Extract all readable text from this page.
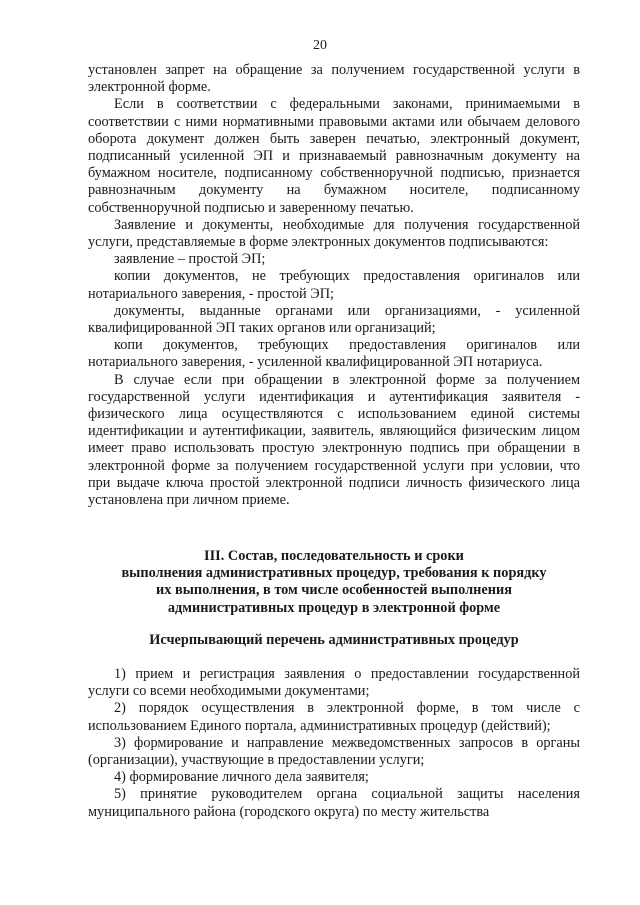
20

установлен запрет на обращение за получением государственной услуги в электронной форме.

Если в соответствии с федеральными законами, принимаемыми в соответствии с ними нормативными правовыми актами или обычаем делового оборота документ должен быть заверен печатью, электронный документ, подписанный усиленной ЭП и признаваемый равнозначным документу на бумажном носителе, подписанному собственноручной подписью, признается равнозначным документу на бумажном носителе, подписанному собственноручной подписью и заверенному печатью.

Заявление и документы, необходимые для получения государственной услуги, представляемые в форме электронных документов подписываются:

заявление – простой ЭП;

копии документов, не требующих предоставления оригиналов или нотариального заверения, - простой ЭП;

документы, выданные органами или организациями, - усиленной квалифицированной ЭП таких органов или организаций;

копи документов, требующих предоставления оригиналов или нотариального заверения, - усиленной квалифицированной ЭП нотариуса.

В случае если при обращении в электронной форме за получением государственной услуги идентификация и аутентификация заявителя - физического лица осуществляются с использованием единой системы идентификации и аутентификации, заявитель, являющийся физическим лицом имеет право использовать простую электронную подпись при обращении в электронной форме за получением государственной услуги при условии, что при выдаче ключа простой электронной подписи личность физического лица установлена при личном приеме.

III. Состав, последовательность и сроки

выполнения административных процедур, требования к порядку

их выполнения, в том числе особенностей выполнения

административных процедур в электронной форме

Исчерпывающий перечень административных процедур

1) прием и регистрация заявления о предоставлении государственной услуги со всеми необходимыми документами;

2) порядок осуществления в электронной форме, в том числе с использованием Единого портала, административных процедур (действий);

3) формирование и направление межведомственных запросов в органы (организации), участвующие в предоставлении услуги;

4) формирование личного дела заявителя;

5) принятие руководителем органа социальной защиты населения муниципального района (городского округа) по месту жительства
